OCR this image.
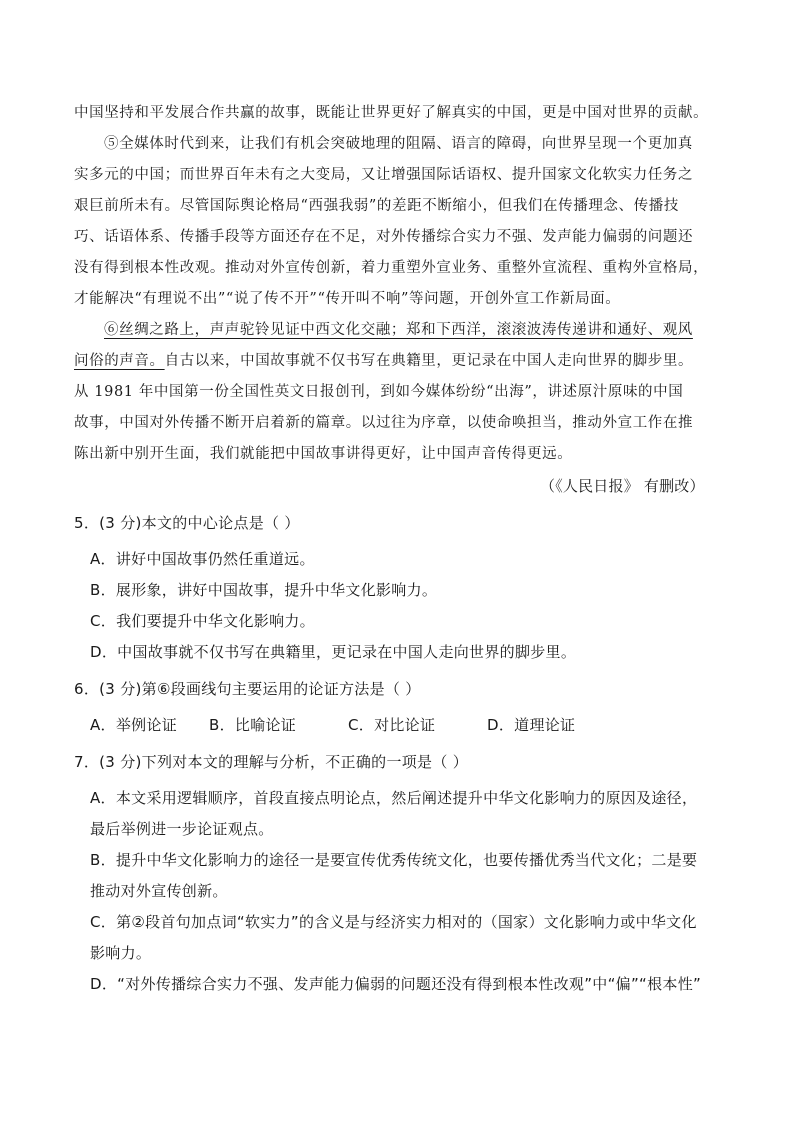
中国坚持和平发展合作共赢的故事，既能让世界更好了解真实的中国，更是中国对世界的贡献。
⑤全媒体时代到来，让我们有机会突破地理的阻隔、语言的障碍，向世界呈现一个更加真
实多元的中国；而世界百年未有之大变局，又让增强国际话语权、提升国家文化软实力任务之
艰巨前所未有。尽管国际舆论格局“西强我弱”的差距不断缩小，但我们在传播理念、传播技
巧、话语体系、传播手段等方面还存在不足，对外传播综合实力不强、发声能力偏弱的问题还
没有得到根本性改观。推动对外宣传创新，着力重塑外宣业务、重整外宣流程、重构外宣格局，
才能解决“有理说不出”“说了传不开”“传开叫不响”等问题，开创外宣工作新局面。
⑥丝绸之路上，声声驼铃见证中西文化交融；郑和下西洋，滚滚波涛传递讲和通好、观风
问俗的声音。自古以来，中国故事就不仅书写在典籍里，更记录在中国人走向世界的脚步里。
从 1981 年中国第一份全国性英文日报创刊，到如今媒体纷纷“出海”，讲述原汁原味的中国
故事，中国对外传播不断开启着新的篇章。以过往为序章，以使命唤担当，推动外宣工作在推
陈出新中别开生面，我们就能把中国故事讲得更好，让中国声音传得更远。
（《人民日报》 有删改）
5．(3 分)本文的中心论点是（ ）
A．讲好中国故事仍然任重道远。
B．展形象，讲好中国故事，提升中华文化影响力。
C．我们要提升中华文化影响力。
D．中国故事就不仅书写在典籍里，更记录在中国人走向世界的脚步里。
6．(3 分)第⑥段画线句主要运用的论证方法是（ ）
A．举例论证 B．比喻论证	C．对比论证	D．道理论证
7．(3 分)下列对本文的理解与分析，不正确的一项是（ ）
A．本文采用逻辑顺序，首段直接点明论点，然后阐述提升中华文化影响力的原因及途径，
最后举例进一步论证观点。
B．提升中华文化影响力的途径一是要宣传优秀传统文化，也要传播优秀当代文化；二是要
推动对外宣传创新。
C．第②段首句加点词“软实力”的含义是与经济实力相对的（国家）文化影响力或中华文化
影响力。
D．“对外传播综合实力不强、发声能力偏弱的问题还没有得到根本性改观”中“偏”“根本性”
